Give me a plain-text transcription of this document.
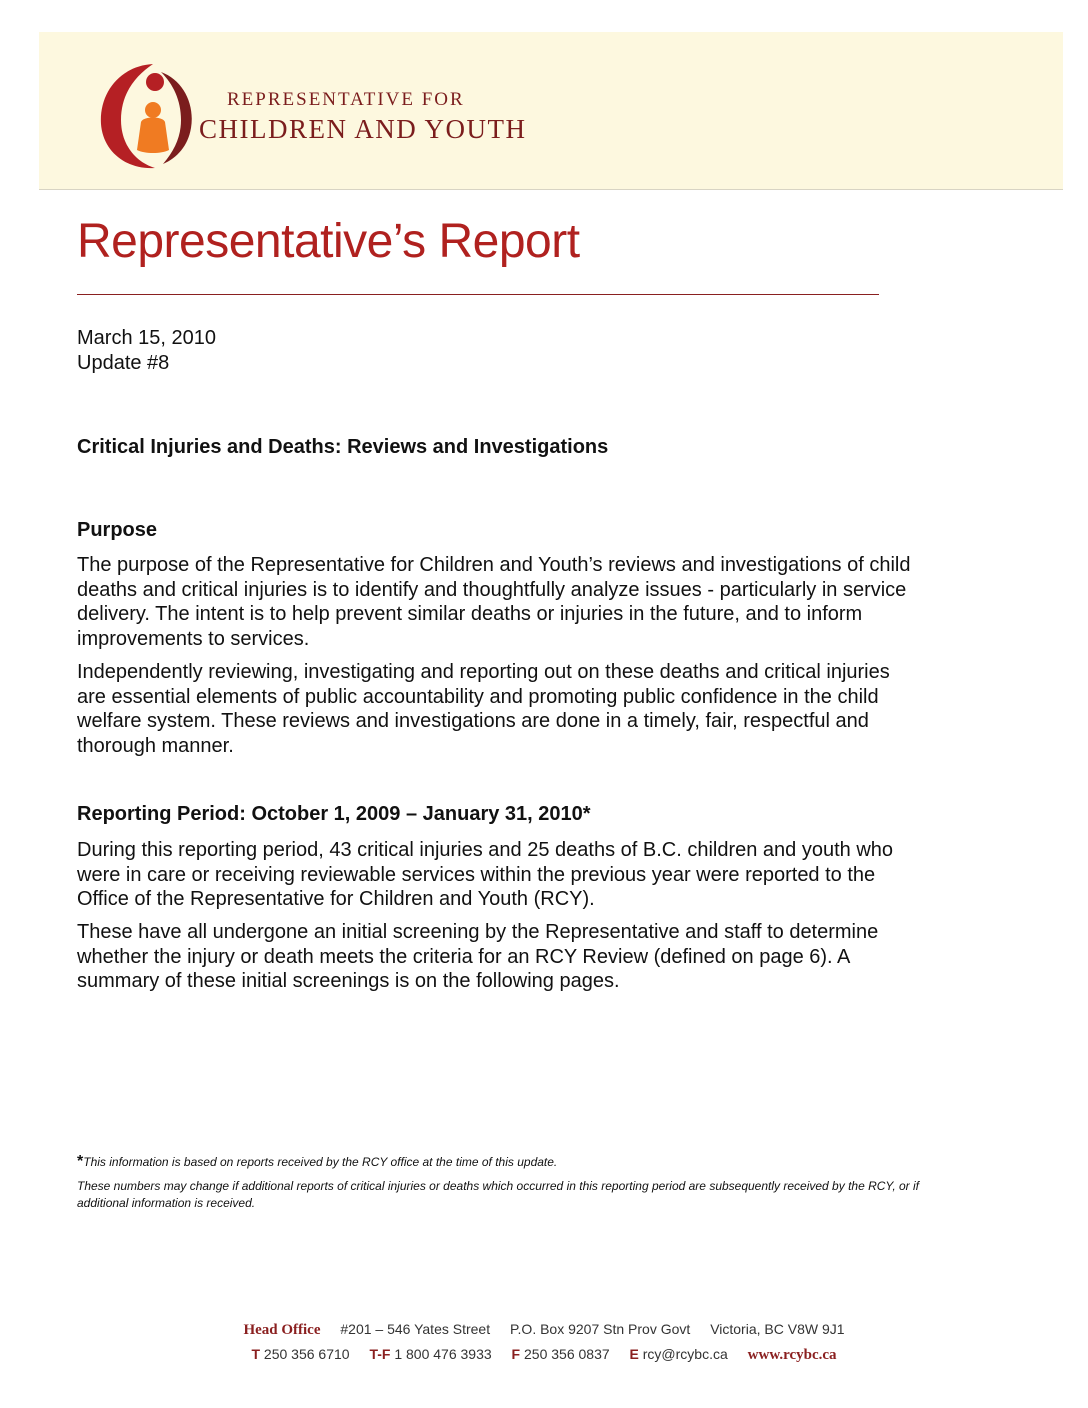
REPRESENTATIVE FOR
CHILDREN AND YOUTH
Representative’s Report
March 15, 2010
Update #8
Critical Injuries and Deaths: Reviews and Investigations
Purpose

The purpose of the Representative for Children and Youth’s reviews and investigations of child deaths and critical injuries is to identify and thoughtfully analyze issues - particularly in service delivery. The intent is to help prevent similar deaths or injuries in the future, and to inform improvements to services.

Independently reviewing, investigating and reporting out on these deaths and critical injuries are essential elements of public accountability and promoting public confidence in the child welfare system. These reviews and investigations are done in a timely, fair, respectful and thorough manner.

Reporting Period: October 1, 2009 – January 31, 2010*

During this reporting period, 43 critical injuries and 25 deaths of B.C. children and youth who were in care or receiving reviewable services within the previous year were reported to the Office of the Representative for Children and Youth (RCY).

These have all undergone an initial screening by the Representative and staff to determine whether the injury or death meets the criteria for an RCY Review (defined on page 6). A summary of these initial screenings is on the following pages.

*This information is based on reports received by the RCY office at the time of this update.

These numbers may change if additional reports of critical injuries or deaths which occurred in this reporting period are subsequently received by the RCY, or if additional information is received.

Head Office #201 – 546 Yates Street P.O. Box 9207 Stn Prov Govt Victoria, BC V8W 9J1
T 250 356 6710 T-F 1 800 476 3933 F 250 356 0837 E rcy@rcybc.ca www.rcybc.ca
